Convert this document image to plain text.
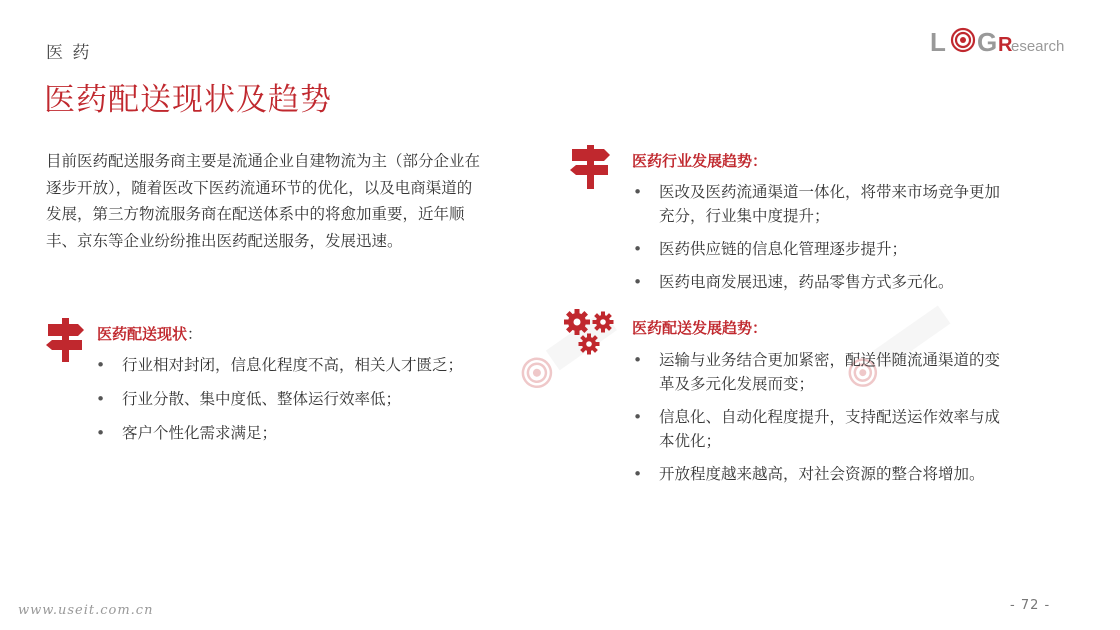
医 药
医药配送现状及趋势
L G R
esearch
目前医药配送服务商主要是流通企业自建物流为主（部分企业在逐步开放），随着医改下医药流通环节的优化，以及电商渠道的发展，第三方物流服务商在配送体系中的将愈加重要，近年顺丰、京东等企业纷纷推出医药配送服务，发展迅速。
医药配送现状：
• 行业相对封闭，信息化程度不高，相关人才匮乏；
• 行业分散、集中度低、整体运行效率低；
• 客户个性化需求满足；
医药行业发展趋势：
• 医改及医药流通渠道一体化，将带来市场竞争更加充分，行业集中度提升；
• 医药供应链的信息化管理逐步提升；
• 医药电商发展迅速，药品零售方式多元化。
医药配送发展趋势：
• 运输与业务结合更加紧密，配送伴随流通渠道的变革及多元化发展而变；
• 信息化、自动化程度提升，支持配送运作效率与成本优化；
• 开放程度越来越高，对社会资源的整合将增加。
www.useit.com.cn	- 72 -
